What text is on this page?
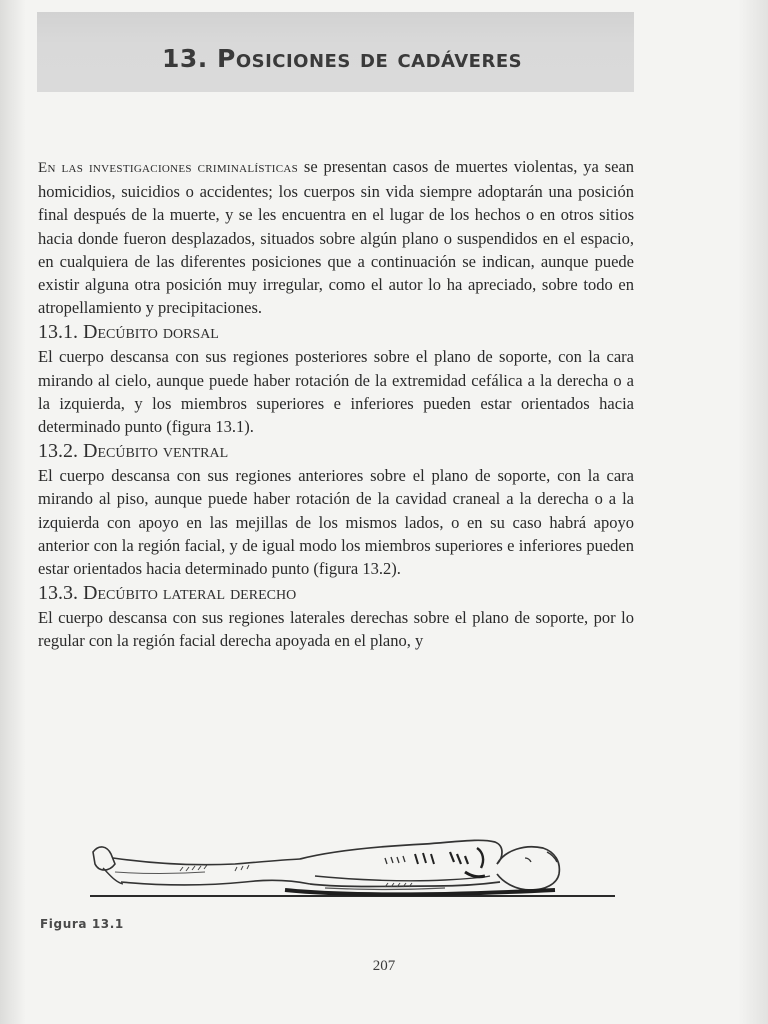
13. Posiciones de cadáveres

En las investigaciones criminalísticas se presentan casos de muertes violentas, ya sean homicidios, suicidios o accidentes; los cuerpos sin vida siempre adoptarán una posición final después de la muerte, y se les encuentra en el lugar de los hechos o en otros sitios hacia donde fueron desplazados, situados sobre algún plano o suspendidos en el espacio, en cualquiera de las diferentes posiciones que a continuación se indican, aunque puede existir alguna otra posición muy irregular, como el autor lo ha apreciado, sobre todo en atropellamiento y precipitaciones.

13.1. Decúbito dorsal

El cuerpo descansa con sus regiones posteriores sobre el plano de soporte, con la cara mirando al cielo, aunque puede haber rotación de la extremidad cefálica a la derecha o a la izquierda, y los miembros superiores e inferiores pueden estar orientados hacia determinado punto (figura 13.1).

13.2. Decúbito ventral

El cuerpo descansa con sus regiones anteriores sobre el plano de soporte, con la cara mirando al piso, aunque puede haber rotación de la cavidad craneal a la derecha o a la izquierda con apoyo en las mejillas de los mismos lados, o en su caso habrá apoyo anterior con la región facial, y de igual modo los miembros superiores e inferiores pueden estar orientados hacia determinado punto (figura 13.2).

13.3. Decúbito lateral derecho

El cuerpo descansa con sus regiones laterales derechas sobre el plano de soporte, por lo regular con la región facial derecha apoyada en el plano, y

Figura 13.1
207
